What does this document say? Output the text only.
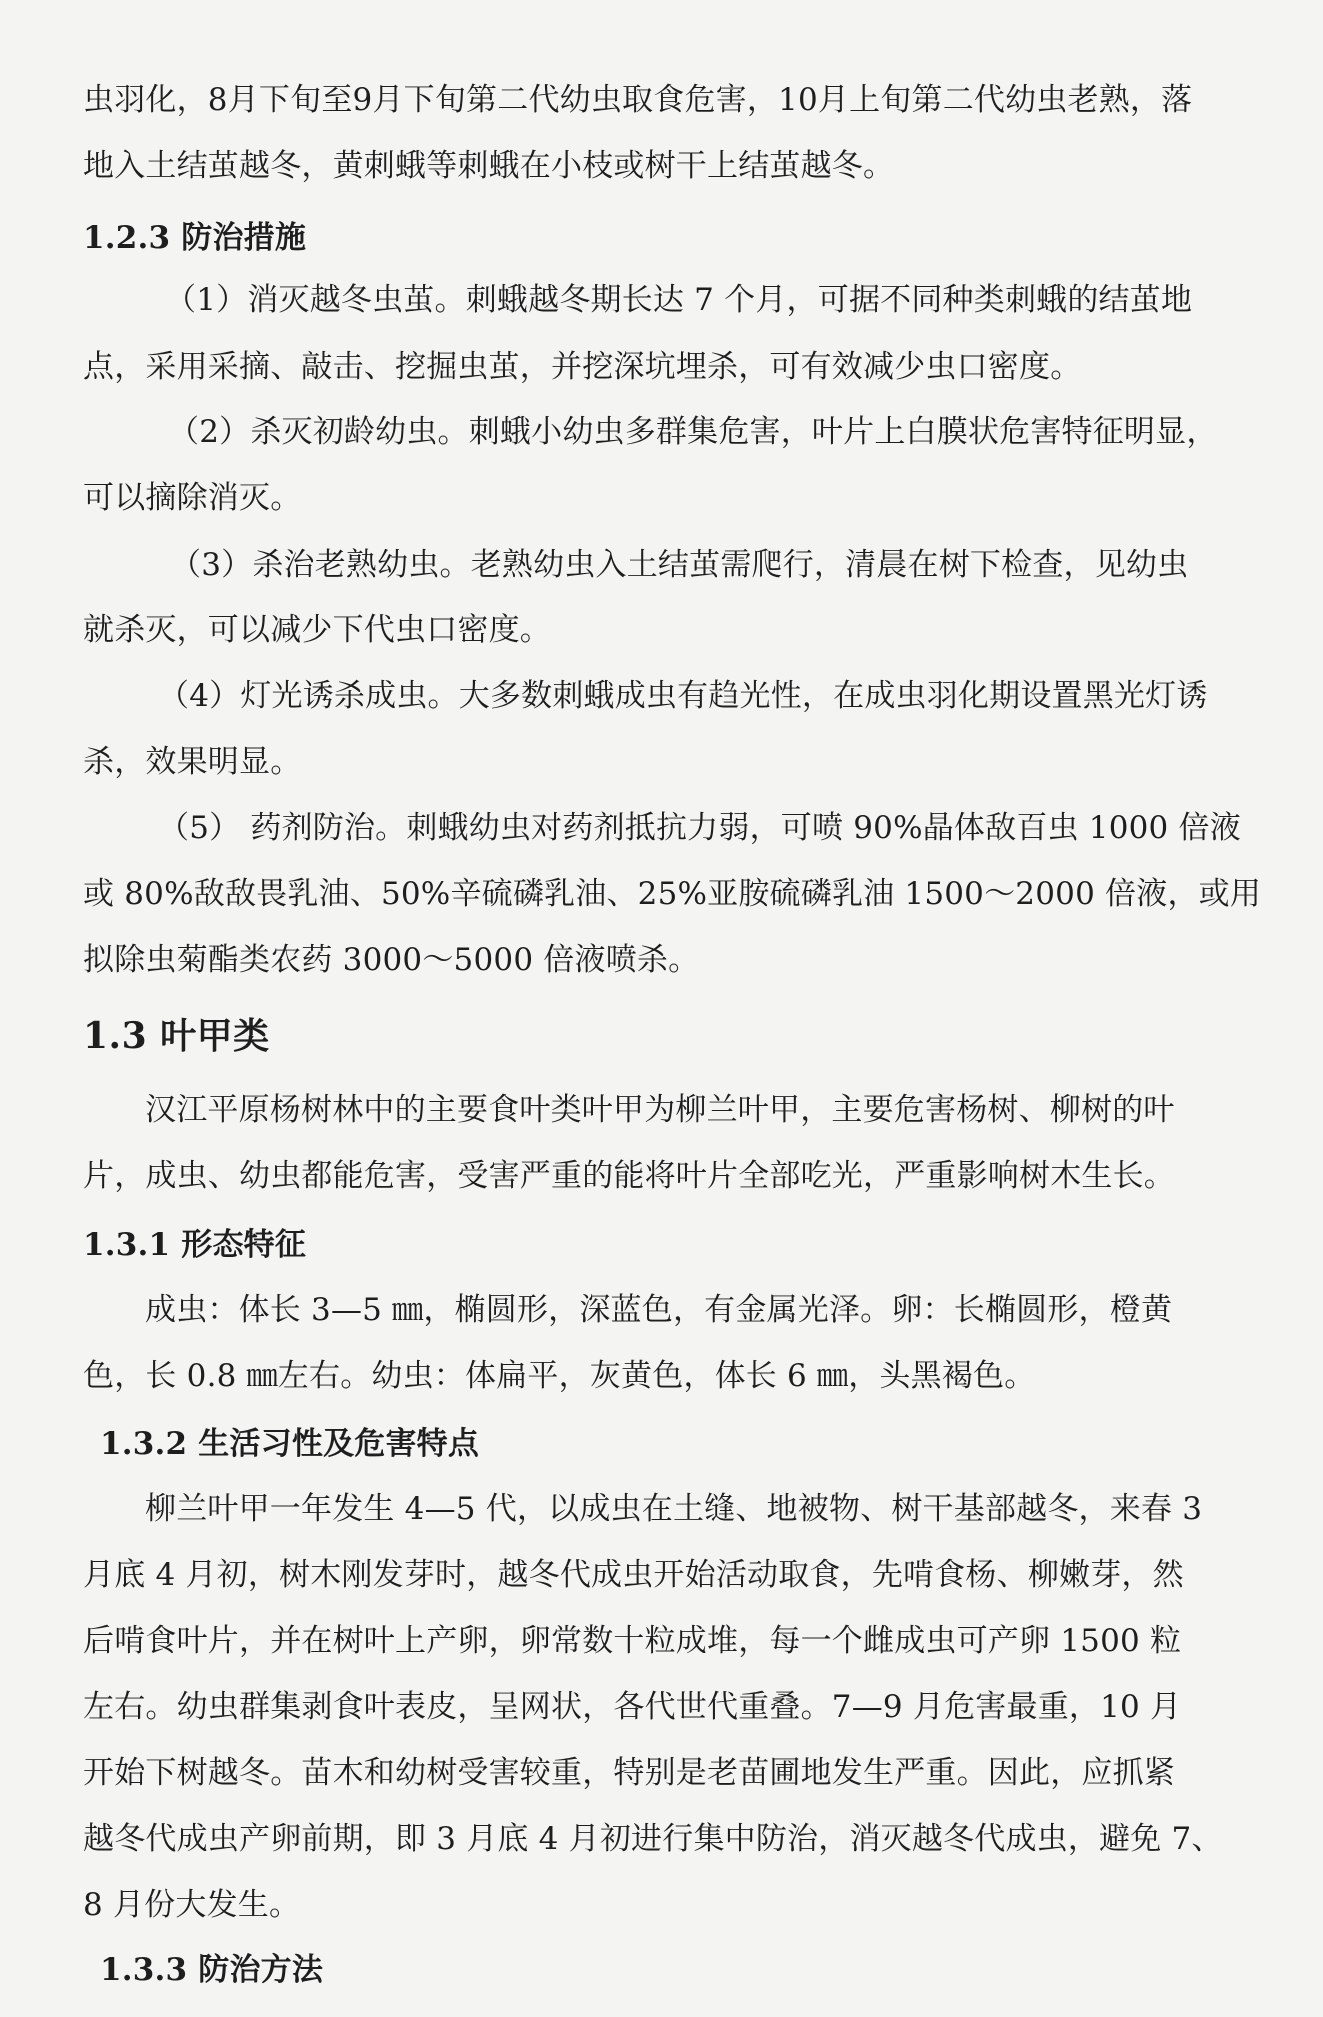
虫羽化，8月下旬至9月下旬第二代幼虫取食危害，10月上旬第二代幼虫老熟，落

地入土结茧越冬，黄刺蛾等刺蛾在小枝或树干上结茧越冬。

1.2.3 防治措施

（1）消灭越冬虫茧。刺蛾越冬期长达 7 个月，可据不同种类刺蛾的结茧地

点，采用采摘、敲击、挖掘虫茧，并挖深坑埋杀，可有效减少虫口密度。

（2）杀灭初龄幼虫。刺蛾小幼虫多群集危害，叶片上白膜状危害特征明显，

可以摘除消灭。

（3）杀治老熟幼虫。老熟幼虫入土结茧需爬行，清晨在树下检查，见幼虫

就杀灭，可以减少下代虫口密度。

（4）灯光诱杀成虫。大多数刺蛾成虫有趋光性，在成虫羽化期设置黑光灯诱

杀，效果明显。

（5） 药剂防治。刺蛾幼虫对药剂抵抗力弱，可喷 90%晶体敌百虫 1000 倍液

或 80%敌敌畏乳油、50%辛硫磷乳油、25%亚胺硫磷乳油 1500～2000 倍液，或用

拟除虫菊酯类农药 3000～5000 倍液喷杀。

1.3 叶甲类

汉江平原杨树林中的主要食叶类叶甲为柳兰叶甲，主要危害杨树、柳树的叶

片，成虫、幼虫都能危害，受害严重的能将叶片全部吃光，严重影响树木生长。

1.3.1 形态特征

成虫：体长 3—5 ㎜，椭圆形，深蓝色，有金属光泽。卵：长椭圆形，橙黄

色，长 0.8 ㎜左右。幼虫：体扁平，灰黄色，体长 6 ㎜，头黑褐色。

1.3.2 生活习性及危害特点

柳兰叶甲一年发生 4—5 代，以成虫在土缝、地被物、树干基部越冬，来春 3

月底 4 月初，树木刚发芽时，越冬代成虫开始活动取食，先啃食杨、柳嫩芽，然

后啃食叶片，并在树叶上产卵，卵常数十粒成堆，每一个雌成虫可产卵 1500 粒

左右。幼虫群集剥食叶表皮，呈网状，各代世代重叠。7—9 月危害最重，10 月

开始下树越冬。苗木和幼树受害较重，特别是老苗圃地发生严重。因此，应抓紧

越冬代成虫产卵前期，即 3 月底 4 月初进行集中防治，消灭越冬代成虫，避免 7、

8 月份大发生。

1.3.3 防治方法
